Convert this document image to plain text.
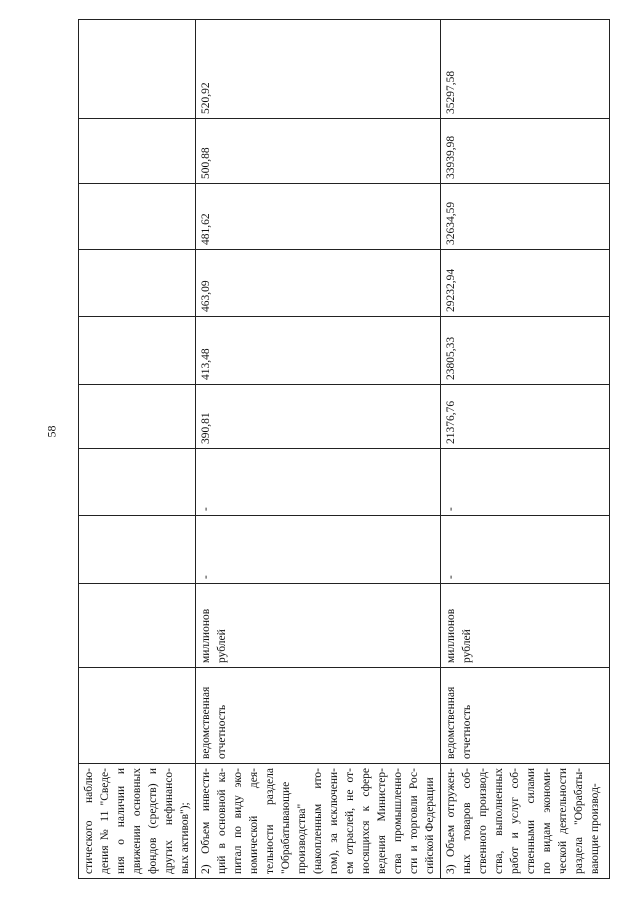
58
стического наблю-дения № 11 "Сведе-ния о наличии и движении основных фондов (средств) и других нефинансо-вых активов");										
2) Объем инвести-ций в основной ка-питал по виду эко-номической дея-тельности раздела "Обрабатывающие производства" (накопленным ито-гом), за исключени-ем отраслей, не от-носящихся к сфере ведения Министер-ства промышленно-сти и торговли Рос-сийской Федерации	ведомственная отчетность	миллионов рублей	-	-	390,81	413,48	463,09	481,62	500,88	520,92
3) Объем отгружен-ных товаров соб-ственного производ-ства, выполненных работ и услуг соб-ственными силами по видам экономи-ческой деятельности раздела "Обрабаты-вающие производ-	ведомственная отчетность	миллионов рублей	-	-	21376,76	23805,33	29232,94	32634,59	33939,98	35297,58
